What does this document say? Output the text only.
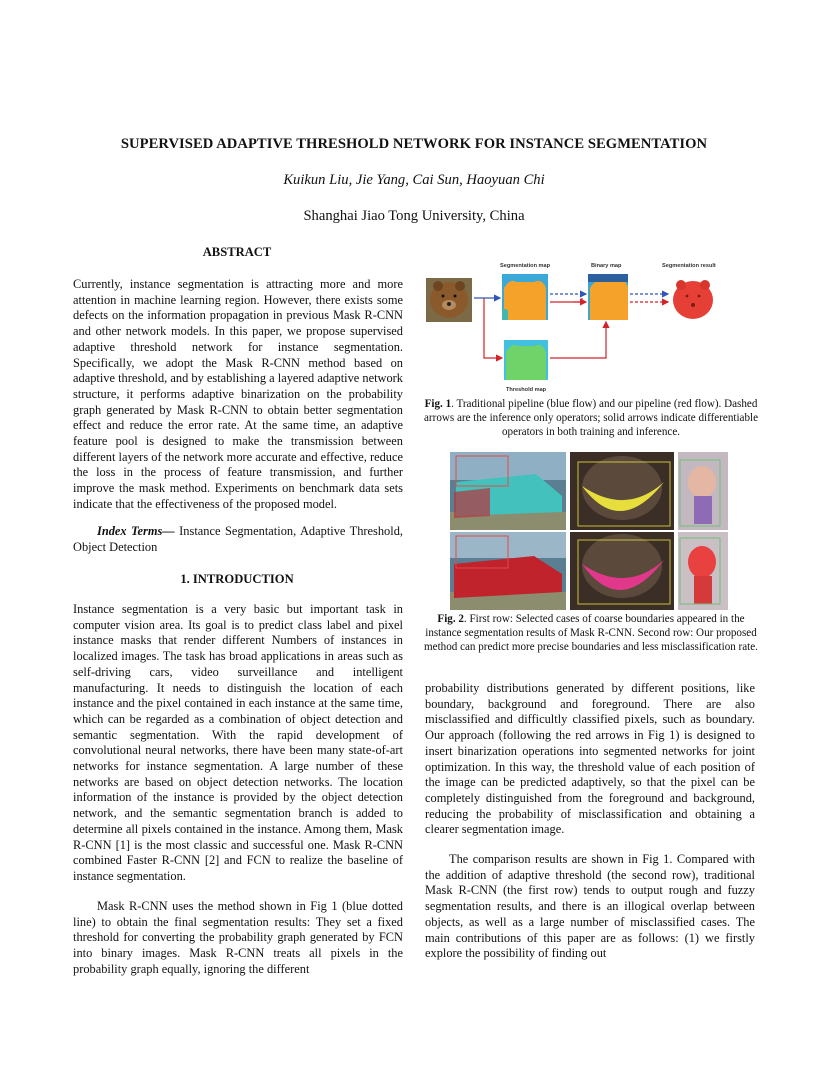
SUPERVISED ADAPTIVE THRESHOLD NETWORK FOR INSTANCE SEGMENTATION
Kuikun Liu, Jie Yang, Cai Sun, Haoyuan Chi
Shanghai Jiao Tong University, China
ABSTRACT

Currently, instance segmentation is attracting more and more attention in machine learning region. However, there exists some defects on the information propagation in previous Mask R-CNN and other network models. In this paper, we propose supervised adaptive threshold network for instance segmentation. Specifically, we adopt the Mask R-CNN method based on adaptive threshold, and by establishing a layered adaptive network structure, it performs adaptive binarization on the probability graph generated by Mask R-CNN to obtain better segmentation effect and reduce the error rate. At the same time, an adaptive feature pool is designed to make the transmission between different layers of the network more accurate and effective, reduce the loss in the process of feature transmission, and further improve the mask method. Experiments on benchmark data sets indicate that the effectiveness of the proposed model.

Index Terms— Instance Segmentation, Adaptive Threshold, Object Detection

1. INTRODUCTION

Instance segmentation is a very basic but important task in computer vision area. Its goal is to predict class label and pixel instance masks that render different Numbers of instances in localized images. The task has broad applications in areas such as self-driving cars, video surveillance and intelligent manufacturing. It needs to distinguish the location of each instance and the pixel contained in each instance at the same time, which can be regarded as a combination of object detection and semantic segmentation. With the rapid development of convolutional neural networks, there have been many state-of-art networks for instance segmentation. A large number of these networks are based on object detection networks. The location information of the instance is provided by the object detection network, and the semantic segmentation branch is added to determine all pixels contained in the instance. Among them, Mask R-CNN [1] is the most classic and successful one. Mask R-CNN combined Faster R-CNN [2] and FCN to realize the baseline of instance segmentation.

Mask R-CNN uses the method shown in Fig 1 (blue dotted line) to obtain the final segmentation results: They set a fixed threshold for converting the probability graph generated by FCN into binary images. Mask R-CNN treats all pixels in the probability graph equally, ignoring the different

Segmentation map	Binary map	Segmentation result
Threshold map

Fig. 1. Traditional pipeline (blue flow) and our pipeline (red flow). Dashed arrows are the inference only operators; solid arrows indicate differentiable operators in both training and inference.

Fig. 2. First row: Selected cases of coarse boundaries appeared in the instance segmentation results of Mask R-CNN. Second row: Our proposed method can predict more precise boundaries and less misclassification rate.

probability distributions generated by different positions, like boundary, background and foreground. There are also misclassified and difficultly classified pixels, such as boundary. Our approach (following the red arrows in Fig 1) is designed to insert binarization operations into segmented networks for joint optimization. In this way, the threshold value of each position of the image can be predicted adaptively, so that the pixel can be completely distinguished from the foreground and background, reducing the probability of misclassification and obtaining a clearer segmentation image.

The comparison results are shown in Fig 1. Compared with the addition of adaptive threshold (the second row), traditional Mask R-CNN (the first row) tends to output rough and fuzzy segmentation results, and there is an illogical overlap between objects, as well as a large number of misclassified cases. The main contributions of this paper are as follows: (1) we firstly explore the possibility of finding out
